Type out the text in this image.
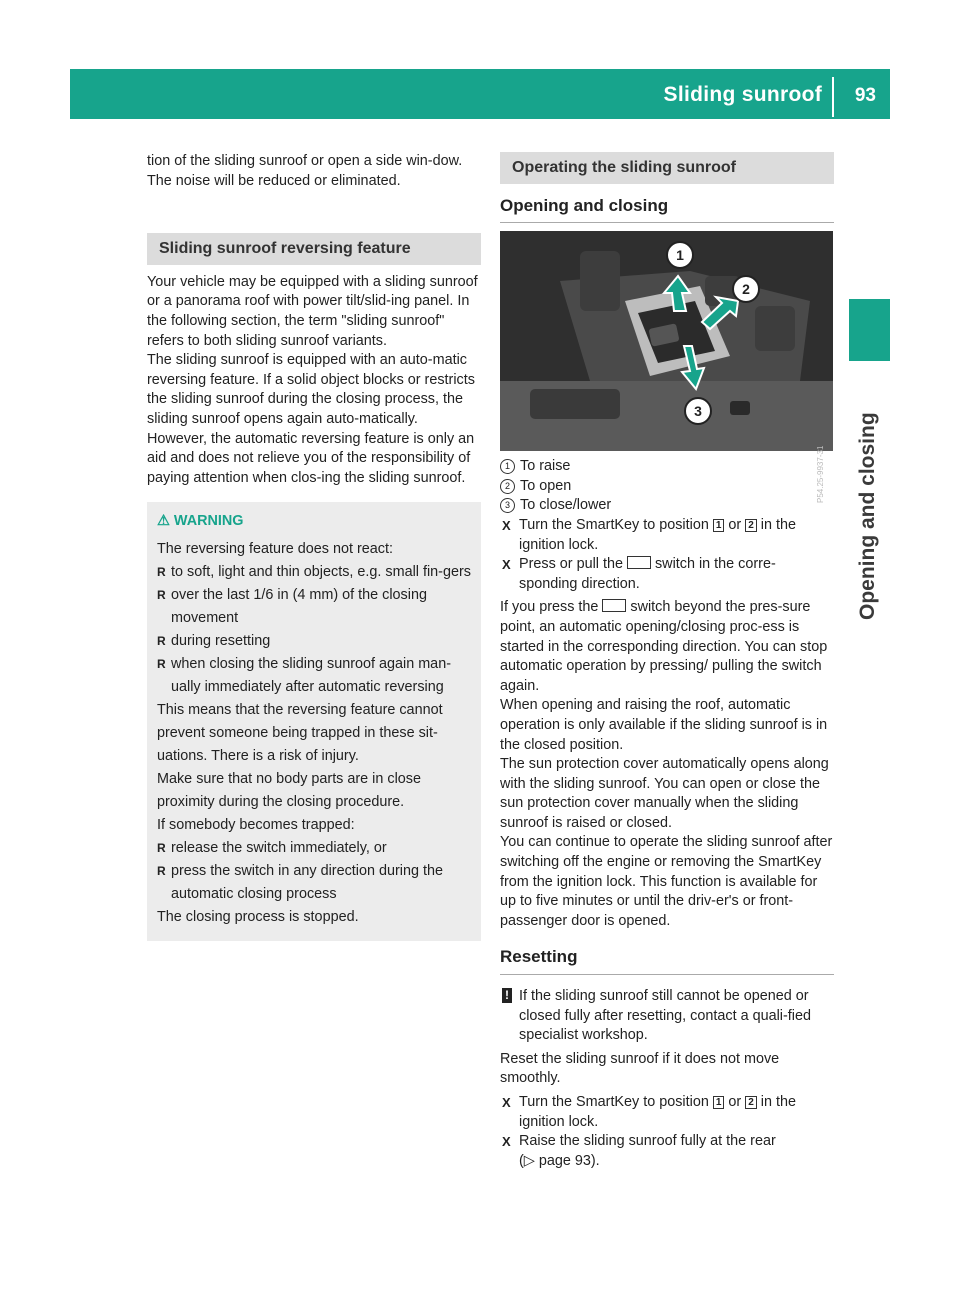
Sliding sunroof 93
Opening and closing

tion of the sliding sunroof or open a side win-dow. The noise will be reduced or eliminated.

Sliding sunroof reversing feature

Your vehicle may be equipped with a sliding sunroof or a panorama roof with power tilt/slid-ing panel. In the following section, the term "sliding sunroof" refers to both sliding sunroof variants.

The sliding sunroof is equipped with an auto-matic reversing feature. If a solid object blocks or restricts the sliding sunroof during the closing process, the sliding sunroof opens again auto-matically. However, the automatic reversing feature is only an aid and does not relieve you of the responsibility of paying attention when clos-ing the sliding sunroof.

⚠ WARNING

The reversing feature does not react:

R to soft, light and thin objects, e.g. small fin-gers

R over the last 1/6 in (4 mm) of the closing movement

R during resetting

R when closing the sliding sunroof again man-ually immediately after automatic reversing

This means that the reversing feature cannot prevent someone being trapped in these sit-uations. There is a risk of injury.

Make sure that no body parts are in close proximity during the closing procedure.

If somebody becomes trapped:

R release the switch immediately, or

R press the switch in any direction during the automatic closing process

The closing process is stopped.

Operating the sliding sunroof
Opening and closing
1
2
3
P54.25-9937-31

1 To raise

2 To open

3 To close/lower

X Turn the SmartKey to position 1 or 2 in the ignition lock.

X Press or pull the switch in the corre-sponding direction.

If you press the switch beyond the pres-sure point, an automatic opening/closing proc-ess is started in the corresponding direction. You can stop automatic operation by pressing/ pulling the switch again.

When opening and raising the roof, automatic operation is only available if the sliding sunroof is in the closed position.

The sun protection cover automatically opens along with the sliding sunroof. You can open or close the sun protection cover manually when the sliding sunroof is raised or closed.

You can continue to operate the sliding sunroof after switching off the engine or removing the SmartKey from the ignition lock. This function is available for up to five minutes or until the driv-er's or front-passenger door is opened.

Resetting

! If the sliding sunroof still cannot be opened or closed fully after resetting, contact a quali-fied specialist workshop.

Reset the sliding sunroof if it does not move smoothly.

X Turn the SmartKey to position 1 or 2 in the ignition lock.

X Raise the sliding sunroof fully at the rear
(▷ page 93).
